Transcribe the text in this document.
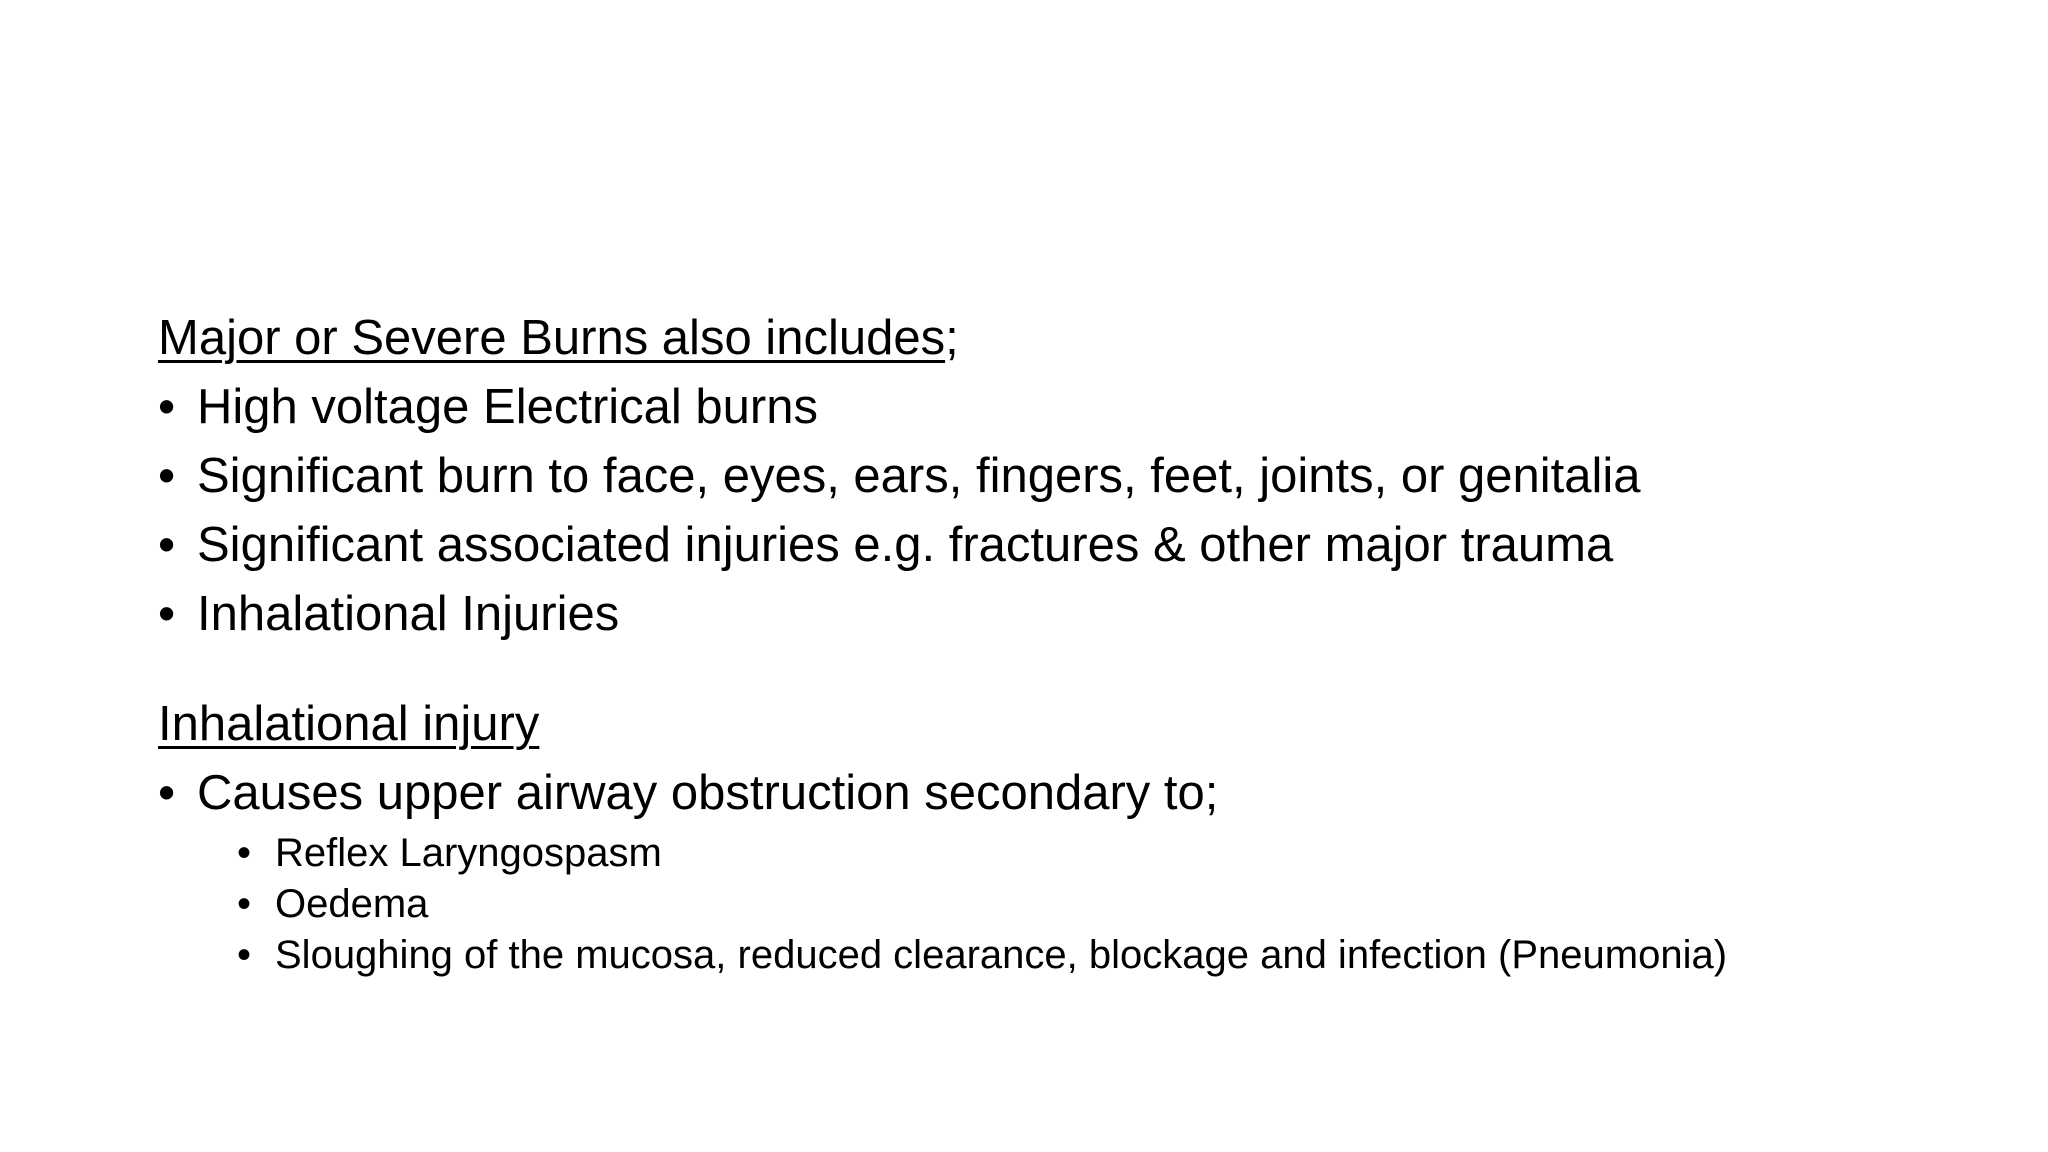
Major or Severe Burns also includes;

• High voltage Electrical burns
• Significant burn to face, eyes, ears, fingers, feet, joints, or genitalia
• Significant associated injuries e.g. fractures & other major trauma
• Inhalational Injuries

Inhalational injury

• Causes upper airway obstruction secondary to;
• Reflex Laryngospasm
• Oedema
• Sloughing of the mucosa, reduced clearance, blockage and infection (Pneumonia)
